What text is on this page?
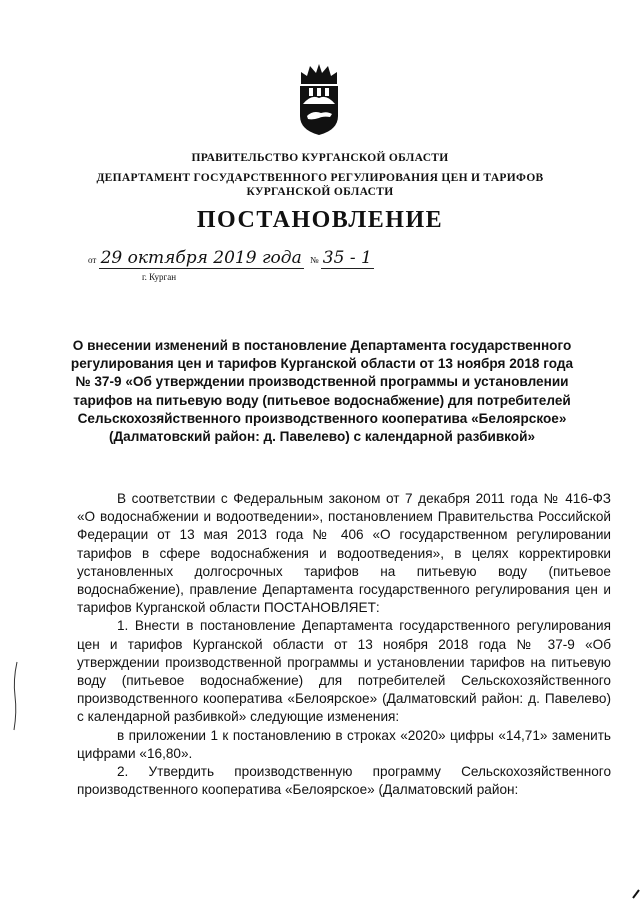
ПРАВИТЕЛЬСТВО КУРГАНСКОЙ ОБЛАСТИ
ДЕПАРТАМЕНТ ГОСУДАРСТВЕННОГО РЕГУЛИРОВАНИЯ ЦЕН И ТАРИФОВ
КУРГАНСКОЙ ОБЛАСТИ
ПОСТАНОВЛЕНИЕ
от 29 октября 2019 года № 35 - 1
г. Курган
О внесении изменений в постановление Департамента государственного регулирования цен и тарифов Курганской области от 13 ноября 2018 года № 37-9 «Об утверждении производственной программы и установлении тарифов на питьевую воду (питьевое водоснабжение) для потребителей Сельскохозяйственного производственного кооператива «Белоярское» (Далматовский район: д. Павелево) с календарной разбивкой»

В соответствии с Федеральным законом от 7 декабря 2011 года № 416-ФЗ «О водоснабжении и водоотведении», постановлением Правительства Российской Федерации от 13 мая 2013 года № 406 «О государственном регулировании тарифов в сфере водоснабжения и водоотведения», в целях корректировки установленных долгосрочных тарифов на питьевую воду (питьевое водоснабжение), правление Департамента государственного регулирования цен и тарифов Курганской области ПОСТАНОВЛЯЕТ:

1. Внести в постановление Департамента государственного регулирования цен и тарифов Курганской области от 13 ноября 2018 года № 37-9 «Об утверждении производственной программы и установлении тарифов на питьевую воду (питьевое водоснабжение) для потребителей Сельскохозяйственного производственного кооператива «Белоярское» (Далматовский район: д. Павелево) с календарной разбивкой» следующие изменения:

в приложении 1 к постановлению в строках «2020» цифры «14,71» заменить цифрами «16,80».

2. Утвердить производственную программу Сельскохозяйственного производственного кооператива «Белоярское» (Далматовский район:
